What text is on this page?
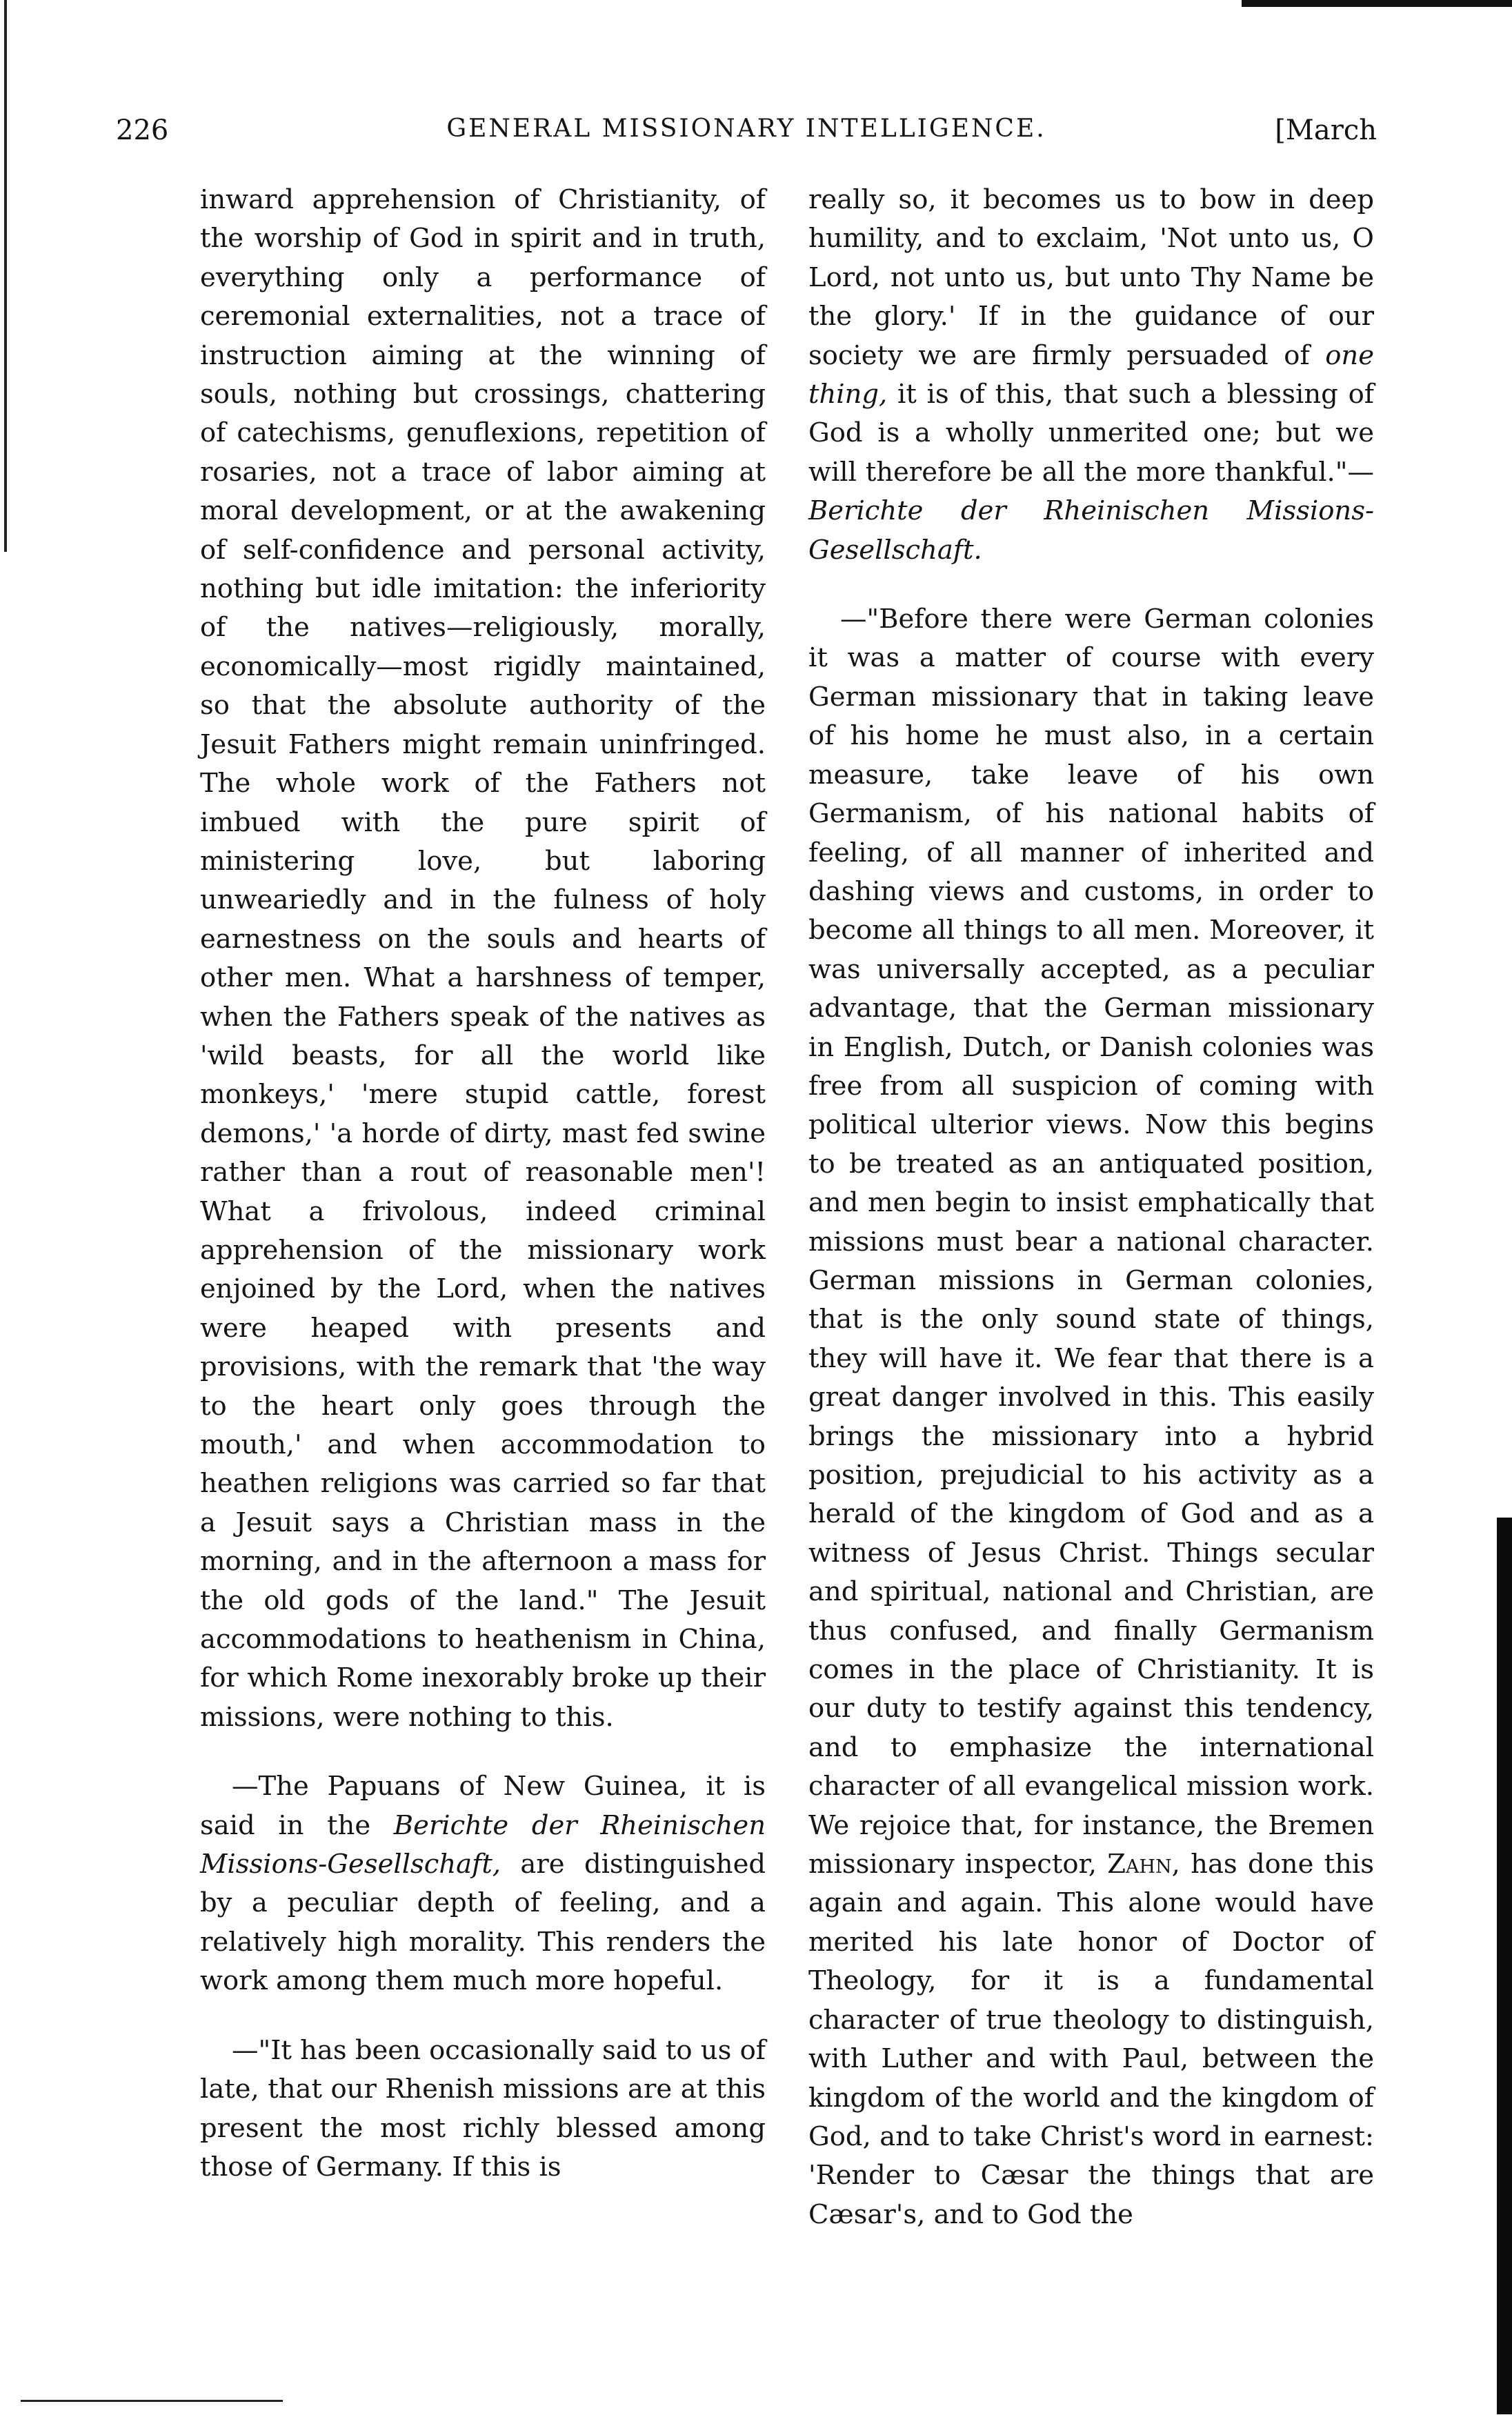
226	GENERAL MISSIONARY INTELLIGENCE.	[March

inward apprehension of Christianity, of the worship of God in spirit and in truth, everything only a performance of ceremonial externalities, not a trace of instruction aiming at the winning of souls, nothing but crossings, chattering of catechisms, genuflexions, repetition of rosaries, not a trace of labor aiming at moral development, or at the awakening of self-confidence and personal activity, nothing but idle imitation: the inferiority of the natives—religiously, morally, economically—most rigidly maintained, so that the absolute authority of the Jesuit Fathers might remain uninfringed. The whole work of the Fathers not imbued with the pure spirit of ministering love, but laboring unweariedly and in the fulness of holy earnestness on the souls and hearts of other men. What a harshness of temper, when the Fathers speak of the natives as 'wild beasts, for all the world like monkeys,' 'mere stupid cattle, forest demons,' 'a horde of dirty, mast fed swine rather than a rout of reasonable men'! What a frivolous, indeed criminal apprehension of the missionary work enjoined by the Lord, when the natives were heaped with presents and provisions, with the remark that 'the way to the heart only goes through the mouth,' and when accommodation to heathen religions was carried so far that a Jesuit says a Christian mass in the morning, and in the afternoon a mass for the old gods of the land." The Jesuit accommodations to heathenism in China, for which Rome inexorably broke up their missions, were nothing to this.

—The Papuans of New Guinea, it is said in the Berichte der Rheinischen Missions-Gesellschaft, are distinguished by a peculiar depth of feeling, and a relatively high morality. This renders the work among them much more hopeful.

—"It has been occasionally said to us of late, that our Rhenish missions are at this present the most richly blessed among those of Germany. If this is

really so, it becomes us to bow in deep humility, and to exclaim, 'Not unto us, O Lord, not unto us, but unto Thy Name be the glory.' If in the guidance of our society we are firmly persuaded of one thing, it is of this, that such a blessing of God is a wholly unmerited one; but we will therefore be all the more thankful."—Berichte der Rheinischen Missions-Gesellschaft.

—"Before there were German colonies it was a matter of course with every German missionary that in taking leave of his home he must also, in a certain measure, take leave of his own Germanism, of his national habits of feeling, of all manner of inherited and dashing views and customs, in order to become all things to all men. Moreover, it was universally accepted, as a peculiar advantage, that the German missionary in English, Dutch, or Danish colonies was free from all suspicion of coming with political ulterior views. Now this begins to be treated as an antiquated position, and men begin to insist emphatically that missions must bear a national character. German missions in German colonies, that is the only sound state of things, they will have it. We fear that there is a great danger involved in this. This easily brings the missionary into a hybrid position, prejudicial to his activity as a herald of the kingdom of God and as a witness of Jesus Christ. Things secular and spiritual, national and Christian, are thus confused, and finally Germanism comes in the place of Christianity. It is our duty to testify against this tendency, and to emphasize the international character of all evangelical mission work. We rejoice that, for instance, the Bremen missionary inspector, Zahn, has done this again and again. This alone would have merited his late honor of Doctor of Theology, for it is a fundamental character of true theology to distinguish, with Luther and with Paul, between the kingdom of the world and the kingdom of God, and to take Christ's word in earnest: 'Render to Cæsar the things that are Cæsar's, and to God the
